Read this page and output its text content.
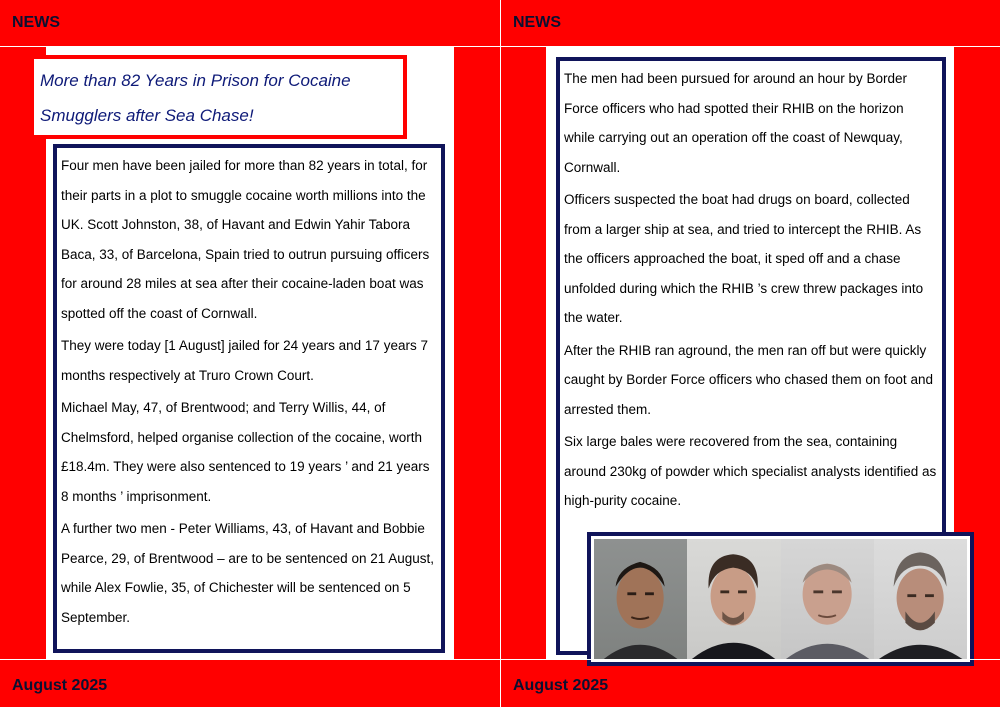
NEWS
More than 82 Years in Prison for Cocaine
Smugglers after Sea Chase!

Four men have been jailed for more than 82 years in total, for their parts in a plot to smuggle cocaine worth millions into the UK. Scott Johnston, 38, of Havant and Edwin Yahir Tabora Baca, 33, of Barcelona, Spain tried to outrun pursuing officers for around 28 miles at sea after their cocaine-laden boat was spotted off the coast of Cornwall.

They were today [1 August] jailed for 24 years and 17 years 7 months respectively at Truro Crown Court.

Michael May, 47, of Brentwood; and Terry Willis, 44, of Chelmsford, helped organise collection of the cocaine, worth £18.4m. They were also sentenced to 19 years ’ and 21 years 8 months ’ imprisonment.

A further two men - Peter Williams, 43, of Havant and Bobbie Pearce, 29, of Brentwood – are to be sentenced on 21 August, while Alex Fowlie, 35, of Chichester will be sentenced on 5 September.

August 2025
NEWS

The men had been pursued for around an hour by Border Force officers who had spotted their RHIB on the horizon while carrying out an operation off the coast of Newquay, Cornwall.

Officers suspected the boat had drugs on board, collected from a larger ship at sea, and tried to intercept the RHIB. As the officers approached the boat, it sped off and a chase unfolded during which the RHIB ’s crew threw packages into the water.

After the RHIB ran aground, the men ran off but were quickly caught by Border Force officers who chased them on foot and arrested them.

Six large bales were recovered from the sea, containing around 230kg of powder which specialist analysts identified as high-purity cocaine.

August 2025
